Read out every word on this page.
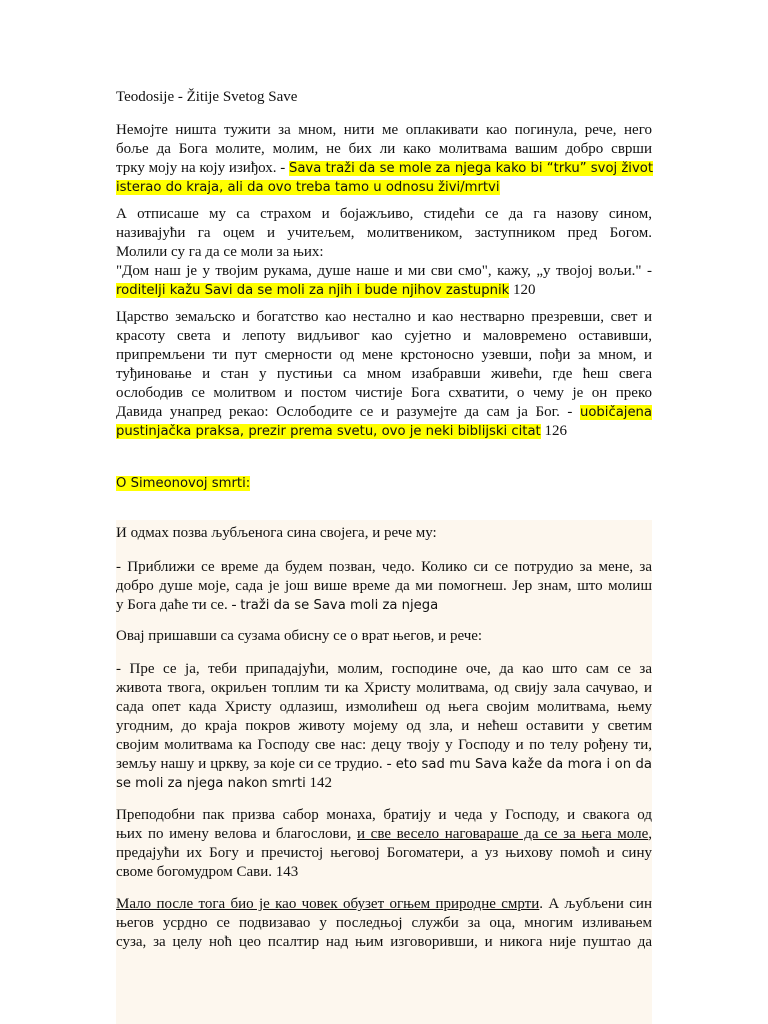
Teodosije - Žitije Svetog Save
Немојте ништа тужити за мном, нити ме оплакивати као погинула, рече, него
боље да Бога молите, молим, не бих ли како молитвама вашим добро сврши
трку моју на коју изиђох. - Sava traži da se mole za njega kako bi “trku” svoj život
isterao do kraja, ali da ovo treba tamo u odnosu živi/mrtvi
А отписаше му са страхом и бојажљиво, стидећи се да га назову сином,
називајући га оцем и учитељем, молитвеником, заступником пред Богом.
Молили су га да се моли за њих:
"Дом наш је у твојим рукама, душе наше и ми сви смо", кажу, „у твојој вољи." -
roditelji kažu Savi da se moli za njih i bude njihov zastupnik 120
Царство земаљско и богатство као нестално и као нестварно презревши, свет и
красоту света и лепоту видљивог као сујетно и маловремено оставивши,
припремљени ти пут смерности од мене крстоносно узевши, пођи за мном, и
туђиновање и стан у пустињи са мном изабравши живећи, где ћеш свега
ослободив се молитвом и постом чистије Бога схватити, о чему је он преко
Давида унапред рекао: Ослободите се и разумејте да сам ја Бог. - uobičajena
pustinjačka praksa, prezir prema svetu, ovo je neki biblijski citat 126
O Simeonovoj smrti:
И одмах позва љубљенога сина својега, и рече му:
- Приближи се време да будем позван, чедо. Колико си се потрудио за мене, за
добро душе моје, сада је још више време да ми помогнеш. Јер знам, што молиш
у Бога даће ти се. - traži da se Sava moli za njega
Овај пришавши са сузама обисну се о врат његов, и рече:
- Пре се ја, теби припадајући, молим, господине оче, да као што сам се за
живота твога, окриљен топлим ти ка Христу молитвама, од свију зала сачувао, и
сада опет када Христу одлазиш, измолићеш од њега својим молитвама, њему
угодним, до краја покров животу мојему од зла, и нећеш оставити у светим
својим молитвама ка Господу све нас: децу твоју у Господу и по телу рођену ти,
земљу нашу и цркву, за које си се трудио. - eto sad mu Sava kaže da mora i on da
se moli za njega nakon smrti 142
Преподобни пак призва сабор монаха, братију и чеда у Господу, и свакога од
њих по имену велова и благослови, и све весело наговараше да се за њега моле,
предајући их Богу и пречистој његовој Богоматери, а уз њихову помоћ и сину
своме богомудром Сави. 143
Мало после тога био је као човек обузет огњем природне смрти. А љубљени син
његов усрдно се подвизавао у последњој служби за оца, многим изливањем
суза, за целу ноћ цео псалтир над њим изговоривши, и никога није пуштао да
